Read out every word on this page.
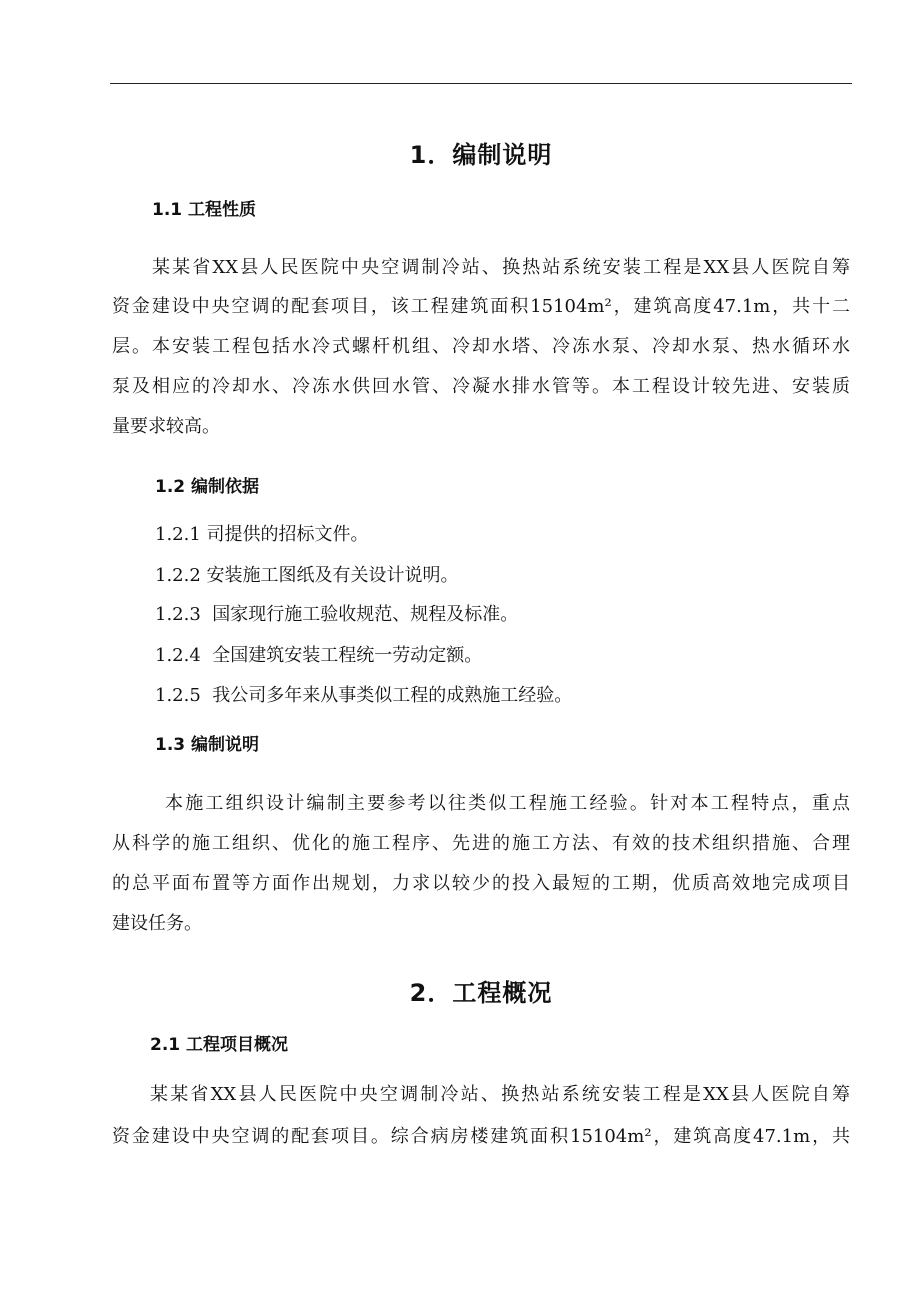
1．编制说明
1.1 工程性质
某某省XX县人民医院中央空调制冷站、换热站系统安装工程是XX县人医院自筹
资金建设中央空调的配套项目，该工程建筑面积15104m²，建筑高度47.1m，共十二
层。本安装工程包括水冷式螺杆机组、冷却水塔、冷冻水泵、冷却水泵、热水循环水
泵及相应的冷却水、冷冻水供回水管、冷凝水排水管等。本工程设计较先进、安装质
量要求较高。
1.2 编制依据
1.2.1 司提供的招标文件。
1.2.2 安装施工图纸及有关设计说明。
1.2.3  国家现行施工验收规范、规程及标准。
1.2.4  全国建筑安装工程统一劳动定额。
1.2.5  我公司多年来从事类似工程的成熟施工经验。
1.3 编制说明
本施工组织设计编制主要参考以往类似工程施工经验。针对本工程特点，重点
从科学的施工组织、优化的施工程序、先进的施工方法、有效的技术组织措施、合理
的总平面布置等方面作出规划，力求以较少的投入最短的工期，优质高效地完成项目
建设任务。
2．工程概况
2.1 工程项目概况
某某省XX县人民医院中央空调制冷站、换热站系统安装工程是XX县人医院自筹
资金建设中央空调的配套项目。综合病房楼建筑面积15104m²，建筑高度47.1m，共
